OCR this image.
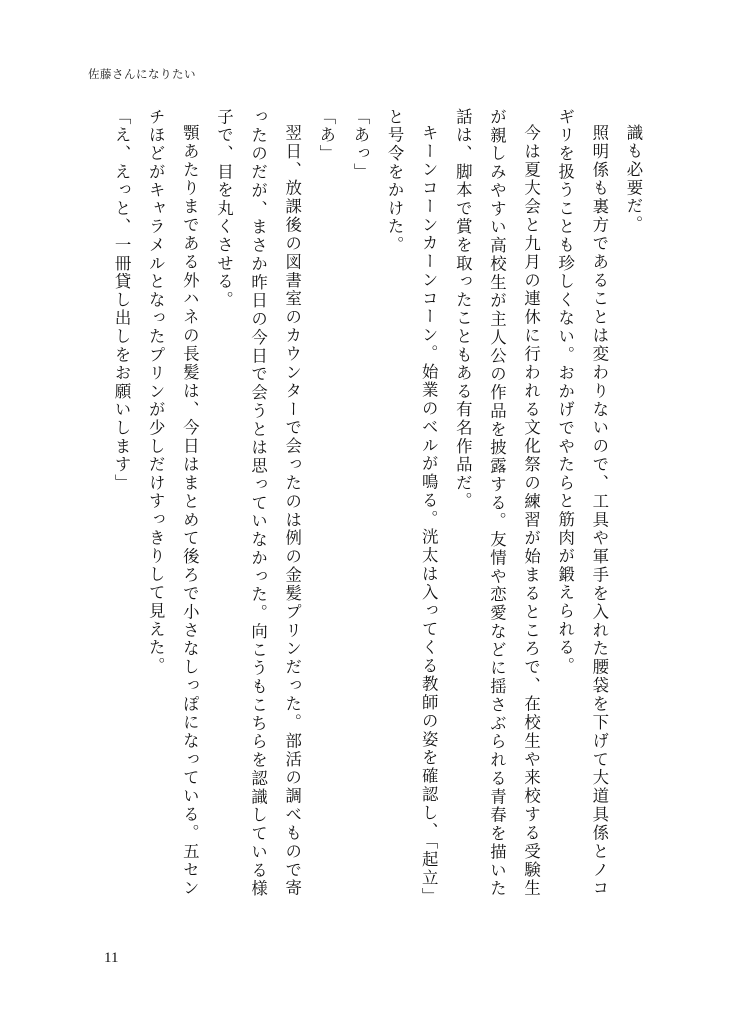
佐藤さんになりたい

識も必要だ。

照明係も裏方であることは変わりないので、工具や軍手を入れた腰袋を下げて大道具係とノコギリを扱うことも珍しくない。おかげでやたらと筋肉が鍛えられる。

今は夏大会と九月の連休に行われる文化祭の練習が始まるところで、在校生や来校する受験生が親しみやすい高校生が主人公の作品を披露する。友情や恋愛などに揺さぶられる青春を描いた話は、脚本で賞を取ったこともある有名作品だ。

キーンコーンカーンコーン。始業のベルが鳴る。洸太は入ってくる教師の姿を確認し、「起立」と号令をかけた。

「あっ」

「あ」

翌日、放課後の図書室のカウンターで会ったのは例の金髪プリンだった。部活の調べもので寄ったのだが、まさか昨日の今日で会うとは思っていなかった。向こうもこちらを認識している様子で、目を丸くさせる。

顎あたりまである外ハネの長髪は、今日はまとめて後ろで小さなしっぽになっている。五センチほどがキャラメルとなったプリンが少しだけすっきりして見えた。

「え、えっと、一冊貸し出しをお願いします」

11
